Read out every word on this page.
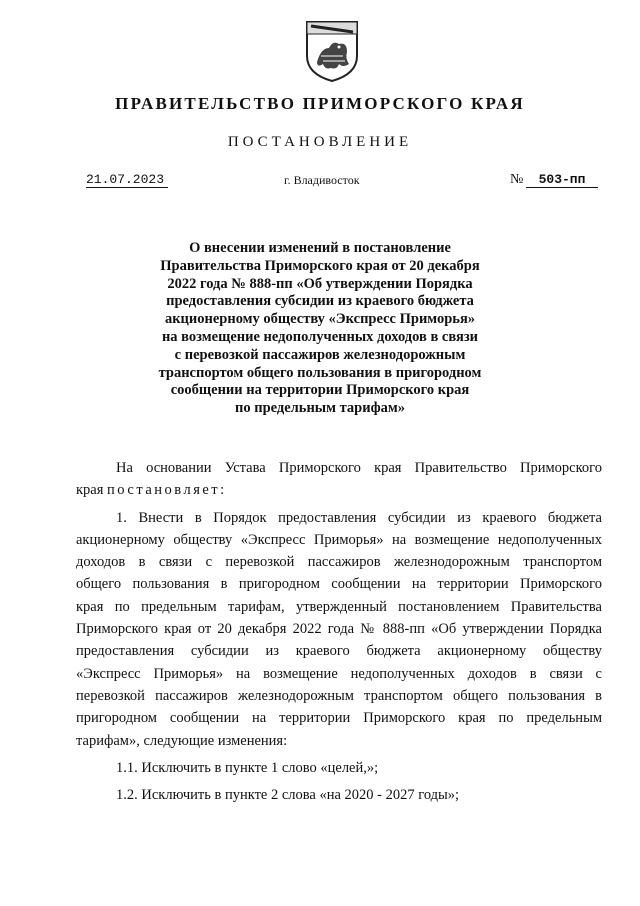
ПРАВИТЕЛЬСТВО ПРИМОРСКОГО КРАЯ
ПОСТАНОВЛЕНИЕ
21.07.2023	г. Владивосток	№	503-пп
О внесении изменений в постановление
Правительства Приморского края от 20 декабря
2022 года № 888-пп «Об утверждении Порядка
предоставления субсидии из краевого бюджета
акционерному обществу «Экспресс Приморья»
на возмещение недополученных доходов в связи
с перевозкой пассажиров железнодорожным
транспортом общего пользования в пригородном
сообщении на территории Приморского края
по предельным тарифам»
На основании Устава Приморского края Правительство Приморского
края постановляет:
1. Внести в Порядок предоставления субсидии из краевого бюджета
акционерному обществу «Экспресс Приморья» на возмещение недополученных
доходов в связи с перевозкой пассажиров железнодорожным транспортом
общего пользования в пригородном сообщении на территории Приморского
края по предельным тарифам, утвержденный постановлением Правительства
Приморского края от 20 декабря 2022 года № 888-пп «Об утверждении Порядка
предоставления субсидии из краевого бюджета акционерному обществу
«Экспресс Приморья» на возмещение недополученных доходов в связи с
перевозкой пассажиров железнодорожным транспортом общего пользования в
пригородном сообщении на территории Приморского края по предельным
тарифам», следующие изменения:
1.1. Исключить в пункте 1 слово «целей,»;
1.2. Исключить в пункте 2 слова «на 2020 - 2027 годы»;
